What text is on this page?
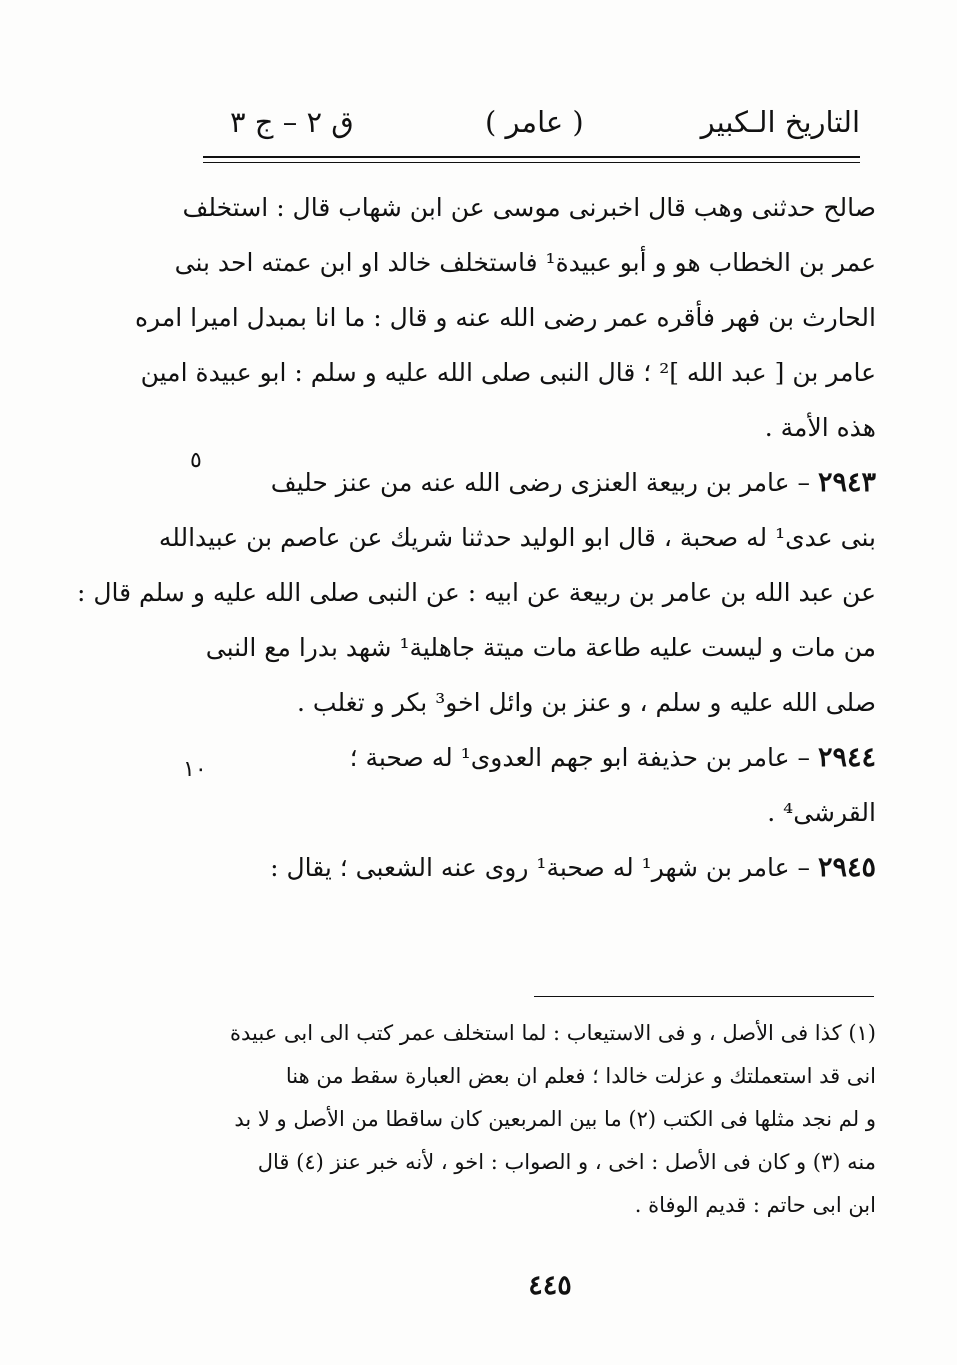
التاريخ الـكبير
( عامر )
ق ٢ – ج ٣
صالح حدثنى وهب قال اخبرنى موسى عن ابن شهاب قال : استخلف
عمر بن الخطاب هو و أبو عبيدة¹ فاستخلف خالد او ابن عمته احد بنى
الحارث بن فهر فأقره عمر رضى الله عنه و قال : ما انا بمبدل اميرا امره
عامر بن [ عبد الله ]² ؛ قال النبى صلى الله عليه و سلم : ابو عبيدة امين
هذه الأمة .
٢٩٤٣ – عامر بن ربيعة العنزى رضى الله عنه من عنز حليف
بنى عدى¹ له صحبة ، قال ابو الوليد حدثنا شريك عن عاصم بن عبيدالله
عن عبد الله بن عامر بن ربيعة عن ابيه : عن النبى صلى الله عليه و سلم قال :
من مات و ليست عليه طاعة مات ميتة جاهلية¹ شهد بدرا مع النبى
صلى الله عليه و سلم ، و عنز بن وائل اخو³ بكر و تغلب .
٢٩٤٤ – عامر بن حذيفة ابو جهم العدوى¹ له صحبة ؛
القرشى⁴ .
٢٩٤٥ – عامر بن شهر¹ له صحبة¹ روى عنه الشعبى ؛ يقال :
٥
١٠
(١) كذا فى الأصل ، و فى الاستيعاب : لما استخلف عمر كتب الى ابى عبيدة
انى قد استعملتك و عزلت خالدا ؛ فعلم ان بعض العبارة سقط من هنا
و لم نجد مثلها فى الكتب (٢) ما بين المربعين كان ساقطا من الأصل و لا بد
منه (٣) و كان فى الأصل : اخى ، و الصواب : اخو ، لأنه خبر عنز (٤) قال
ابن ابى حاتم : قديم الوفاة .
٤٤٥
